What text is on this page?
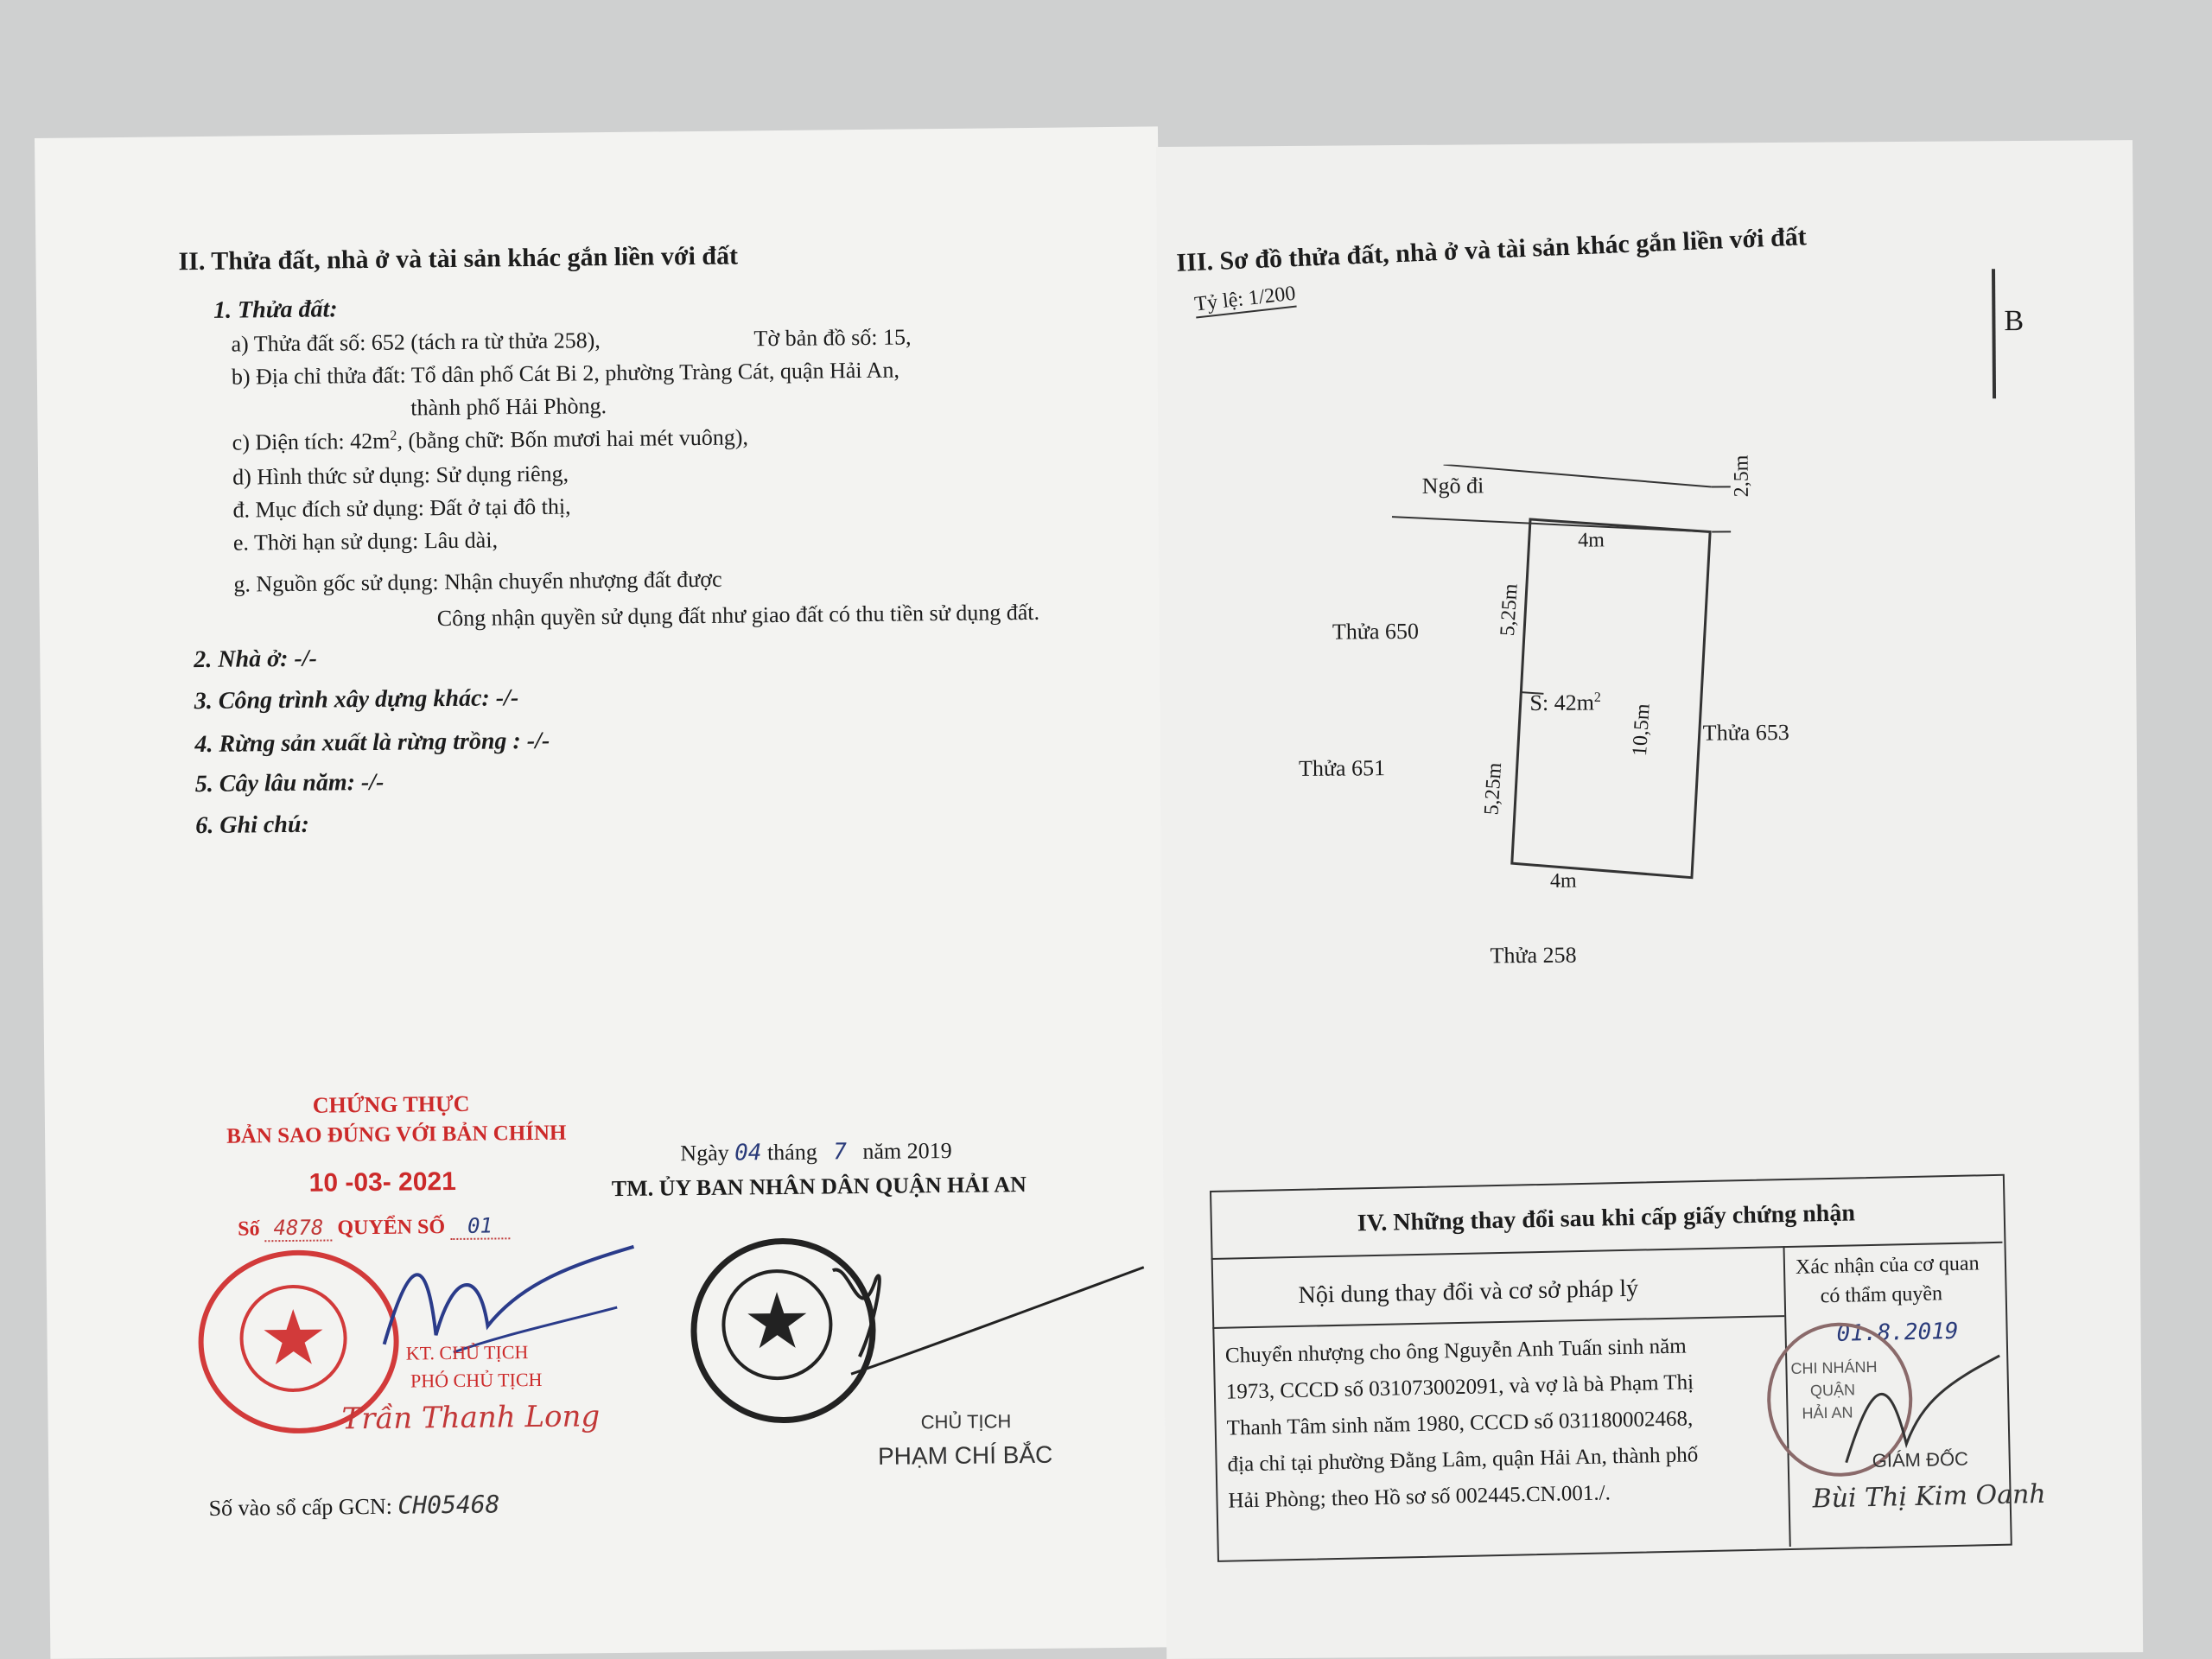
II. Thửa đất, nhà ở và tài sản khác gắn liền với đất
1. Thửa đất:
a) Thửa đất số: 652 (tách ra từ thửa 258),	Tờ bản đồ số: 15,
b) Địa chỉ thửa đất: Tổ dân phố Cát Bi 2, phường Tràng Cát, quận Hải An,
thành phố Hải Phòng.
c) Diện tích: $42m^2$, (bằng chữ: Bốn mươi hai mét vuông),
d) Hình thức sử dụng: Sử dụng riêng,
đ. Mục đích sử dụng: Đất ở tại đô thị,
e. Thời hạn sử dụng: Lâu dài,
g. Nguồn gốc sử dụng: Nhận chuyển nhượng đất được
Công nhận quyền sử dụng đất như giao đất có thu tiền sử dụng đất.
2. Nhà ở: -/-
3. Công trình xây dựng khác: -/-
4. Rừng sản xuất là rừng trồng : -/-
5. Cây lâu năm: -/-
6. Ghi chú:
CHỨNG THỰC
BẢN SAO ĐÚNG VỚI BẢN CHÍNH
10 -03- 2021
Số 4878 QUYỂN SỐ 01
KT. CHỦ TỊCH
PHÓ CHỦ TỊCH
Trần Thanh Long
Ngày 04 tháng 7 năm 2019
TM. ỦY BAN NHÂN DÂN QUẬN HẢI AN
CHỦ TỊCH
PHẠM CHÍ BẮC
Số vào sổ cấp GCN: CH05468
III. Sơ đồ thửa đất, nhà ở và tài sản khác gắn liền với đất
Tỷ lệ: 1/200
B
Ngõ đi
4m
2,5m
5,25m
5,25m
10,5m
4m
S: $42m^2$
Thửa 650
Thửa 651
Thửa 653
Thửa 258
IV. Những thay đổi sau khi cấp giấy chứng nhận
Nội dung thay đổi và cơ sở pháp lý
Xác nhận của cơ quan
có thẩm quyền
Chuyển nhượng cho ông Nguyễn Anh Tuấn sinh năm
1973, CCCD số 031073002091, và vợ là bà Phạm Thị
Thanh Tâm sinh năm 1980, CCCD số 031180002468,
địa chỉ tại phường Đằng Lâm, quận Hải An, thành phố
Hải Phòng; theo Hồ sơ số 002445.CN.001./.
01.8.2019
CHI NHÁNH
QUẬN
HẢI AN
GIÁM ĐỐC
Bùi Thị Kim Oanh
